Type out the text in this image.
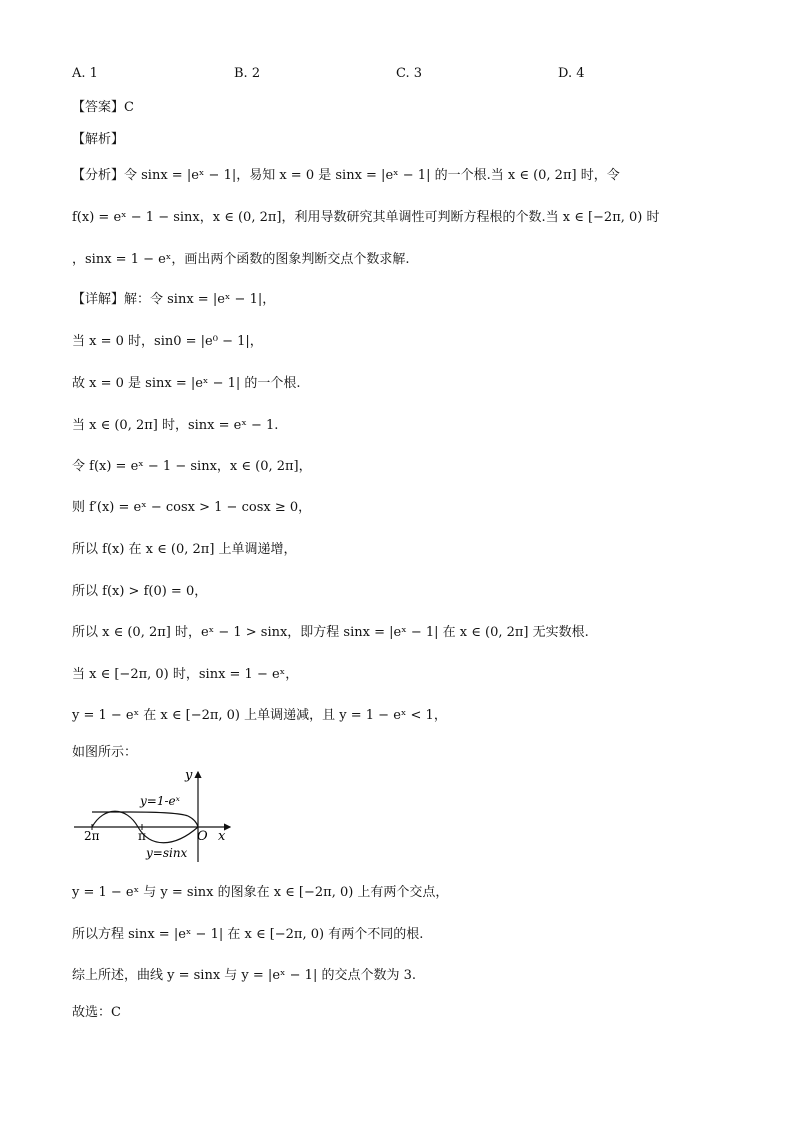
A. 1	B. 2	C. 3	D. 4
【答案】C
【解析】
【分析】令 sinx = |eˣ − 1|，易知 x = 0 是 sinx = |eˣ − 1| 的一个根.当 x ∈ (0, 2π] 时，令
f(x) = eˣ − 1 − sinx，x ∈ (0, 2π]，利用导数研究其单调性可判断方程根的个数.当 x ∈ [−2π, 0) 时
，sinx = 1 − eˣ，画出两个函数的图象判断交点个数求解.
【详解】解：令 sinx = |eˣ − 1|，
当 x = 0 时，sin0 = |e⁰ − 1|，
故 x = 0 是 sinx = |eˣ − 1| 的一个根.
当 x ∈ (0, 2π] 时，sinx = eˣ − 1.
令 f(x) = eˣ − 1 − sinx，x ∈ (0, 2π]，
则 f′(x) = eˣ − cosx > 1 − cosx ≥ 0，
所以 f(x) 在 x ∈ (0, 2π] 上单调递增，
所以 f(x) > f(0) = 0，
所以 x ∈ (0, 2π] 时，eˣ − 1 > sinx，即方程 sinx = |eˣ − 1| 在 x ∈ (0, 2π] 无实数根.
当 x ∈ [−2π, 0) 时，sinx = 1 − eˣ，
y = 1 − eˣ 在 x ∈ [−2π, 0) 上单调递减，且 y = 1 − eˣ < 1，
如图所示：
y
x
O
y=1-eˣ
y=sinx
2π	π
y = 1 − eˣ 与 y = sinx 的图象在 x ∈ [−2π, 0) 上有两个交点，
所以方程 sinx = |eˣ − 1| 在 x ∈ [−2π, 0) 有两个不同的根.
综上所述，曲线 y = sinx 与 y = |eˣ − 1| 的交点个数为 3.
故选：C
